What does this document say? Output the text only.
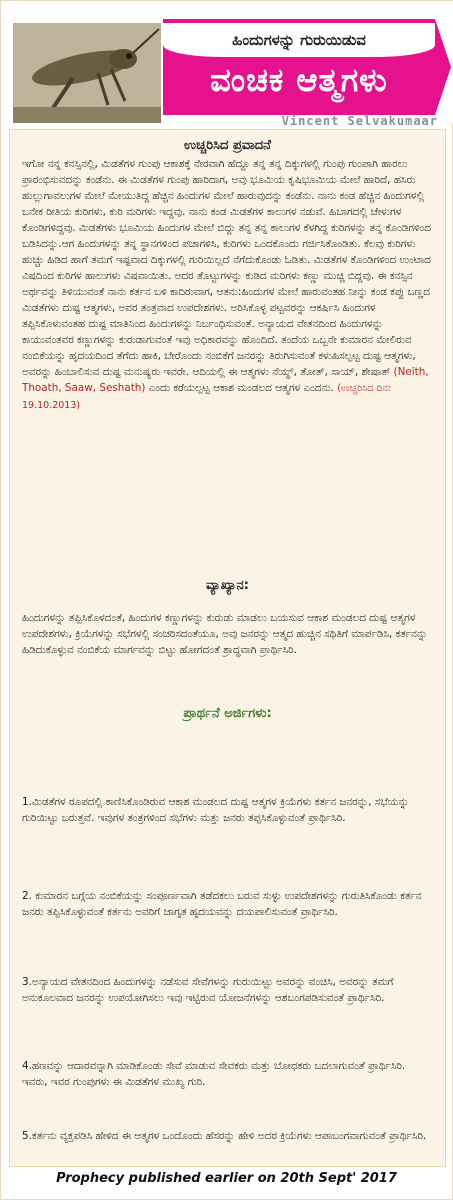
ಹಿಂದುಗಳನ್ನು ಗುರುಯಿಡುವ
ವಂಚಕ ಆತ್ಮಗಳು
Vincent Selvakumaar
ಉಚ್ಚರಿಸಿದ ಪ್ರವಾದನೆ
ಇಗೋ ನನ್ನ ಕನಸ್ಸಿನಲ್ಲಿ, ಮಿಡತೆಗಳ ಗುಂಪು ಆಕಾಶಕ್ಕೆ ನೇರವಾಗಿ ಹೆದ್ದೂ ತನ್ನ ತನ್ನ ದಿಕ್ಕುಗಳಲ್ಲಿ ಗುಂಪು ಗುಂಪಾಗಿ ಹಾರಲು ಪ್ರಾರಂಭಿಸುವದನ್ನು ಕಂಡೆನು. ಈ ಮಿಡತೆಗಳ ಗುಂಪು ಹಾರಿದಾಗ, ಅವು ಭೂಮಿಯ ಕೃಷಿಭೂಮಿಯ ಮೇಲೆ ಹಾರಿದೆ, ಹಸಿರು ಹುಲ್ಲುಗಾವಲುಗಳ ಮೇಲೆ ಮೇಯುತಿದ್ದ ಹೆಚ್ಚಿನ ಹಿಂದುಗಳ ಮೇಲೆ ಹಾರುವುದನ್ನು ಕಂಡೆನು. ನಾನು ಕಂಡ ಹೆಚ್ಚಿನ ಹಿಂದುಗಳಲ್ಲಿ ಬನೇಕ ರೀತಿಯ ಕುರಿಗಳು, ಕುರಿ ಮರಿಗಳು ಇದ್ದವು. ನಾನು ಕಂಡ ಮಿಡತೆಗಳ ಕಾಲುಗಳ ನಡುವೆ. ಹಿಬಾಗದಲ್ಲಿ ಚೇಳುಗಳ ಕೊಂಡಿಗಳಿದ್ದವು. ಮಿಡತೆಗಳು ಭೂಮಿಯ ಹಿಂದುಗಳ ಮೇಲೆ ಬಿದ್ದು ತನ್ನ ತನ್ನ ಕಾಲುಗಳ ಕೆಳಗಿದ್ದ ಕುರಿಗಳನ್ನು ತನ್ನ ಕೊಂಡಿಗಳಿಂದ ಬಡಿಸಿದನ್ನು.ಆಗ ಹಿಂದುಗಳನ್ನು ತನ್ನ ಸ್ಥಾನಗಳಿಂದ ಪಚಾಗಳಿಸಿ, ಕುರಿಗಳು ಒಂದಕೊಂದು ಗರ್ಜಿಸಿಕೊಂಡಿತು. ಕೆಲವು ಕುರಿಗಳು ಹುಚ್ಚು ಹಿಡಿದ ಹಾಗೆ ತಮಗೆ ಇಷ್ಟವಾದ ದಿಕ್ಕುಗಳಲ್ಲಿ ಗುರಿಯಿಲ್ಲದೆ ನೆಗೆದುಕೊಂಡು ಓಡಿತು. ಮಿಡತೆಗಳ ಕೊಂಡಿಗಳಿಂದ ಉಂಟಾದ ವಿಷದಿಂದ ಕುರಿಗಳ ಹಾಲುಗಳು ವಿಷವಾಯಿತು. ಅದರ ತೊಟ್ಟುಗಳನ್ನು ಕುಡಿದ ಮರಿಗಳು ಕಣ್ಣು ಮುಚ್ಚಿ ಬಿದ್ದವು. ಈ ಕನಸ್ಸಿನ ಅರ್ಥವನ್ನು ತಿಳಿಯುವಂತೆ ನಾನು ಕರ್ತನ ಬಳಿ ಕಾದಿರುವಾಗ, ಆತನು:ಹಿಂದುಗಳ ಮೇಲೆ ಹಾರುವಂತಹ ನೀನ್ನು ಕಂಡ ಕಪ್ಪು ಬಣ್ಣದ ಮಿಡತೆಗಳು ದುಷ್ಟ ಆತ್ಮಗಳು, ಅವರ ತಂತ್ರವಾದ ಉಪದೇಶಗಳು. ಅರಿಸಿಕೊಳ್ಳ ಪಟ್ಟವರನ್ನು ಆಕರ್ಷಿಸಿ ಹಿಂದುಗಳ ತಪ್ಪಿಸಿಕೊಳುವಂತಹ ದುಷ್ಟ ಮಾತಿನಿಂದ ಹಿಂದುಗಳನ್ನು ನಿರ್ಬಂಧಿಸುವಂತೆ. ಅನ್ಯಾಯದ ವೇತನದಿಂದ ಹಿಂದುಗಳನ್ನು ಕಾಯುವಂತವರ ಕಣ್ಣುಗಳನ್ನು ಕುರುಡಾಗುವಂತೆ ಇವು ಅಧಿಕಾರವನ್ನು ಹೊಂದಿದೆ. ತಂದೆಯ ಒಬ್ಬನೇ ಕುಮಾರನ ಮೇಲಿರುವ ನಂಬಿಕೆಯನ್ನು ಹೃದಯದಿಂದ ತೆಗೆದು ಹಾಕಿ, ಬೇರೊಂದು ನಂಬಿಕೆಗೆ ಜನರನ್ನು ತಿರುಗಿಸುವಂತೆ ಕಳುಹಿಸಲ್ಪಟ್ಟ ದುಷ್ಟ ಆತ್ಮಗಳು, ಅವರನ್ನು ಹಿಂಬಾಲಿಸುವ ದುಷ್ಟ ಮನುಷ್ಯರು ಇವರೇ. ಆದಿಯಲ್ಲಿ ಈ ಆತ್ಮಗಳು ನೆಯ್ಥ್, ತೋತ್, ಸಾಯ್, ಶೇಷಾತ್ (Neith, Thoath, Saaw, Seshath) ಎಂದು ಕರೆಯಲ್ಪಟ್ಟ ಆಕಾಶ ಮಂಡಲದ ಆತ್ಮಗಳ ಎಂದನು. (ಉಚ್ಚರಿಸಿದ ದಿನ: 19.10.2013)
ವ್ಯಾಖ್ಯಾನ:
ಹಿಂದುಗಳನ್ನು ತಪ್ಪಿಸಿಕೊಳದಂತೆ, ಹಿಂದುಗಳ ಕಣ್ಣುಗಳನ್ನು ಕುರುಡು ಮಾಡಲು ಬಯಸುವ ಆಕಾಶ ಮಂಡಲದ ದುಷ್ಟ ಆತ್ಮಗಳ ಉಪದೇಶಗಳು, ಕ್ರಿಯೆಗಳನ್ನು ಸಭೆಗಳಲ್ಲಿ ಸಂಚರಿಸದಂತೆಯೂ, ಅವು ಜನರನ್ನು ಆತ್ಮದ ಹುಚ್ಚಿನ ಸಥಿತಿಗೆ ಮಾರ್ಪಡಿಸಿ, ಕರ್ತನನ್ನು ಹಿಡಿದುಕೊಳ್ಳುವ ನಂಬಿಕೆಯ ಮಾರ್ಗವನ್ನು ಬಿಟ್ಟು ಹೋಗದಂತೆ ಶ್ರಾದ್ಧವಾಗಿ ಪ್ರಾರ್ಥಿಸಿರಿ.
ಪ್ರಾರ್ಥನೆ ಅರ್ಜಿಗಳು:
1.ಮಿಡತೆಗಳ ರೂಪದಲ್ಲಿ ಕಾಣಿಸಿಕೊಂಡಿರುವ ಆಕಾಶ ಮಂಡಲದ ದುಷ್ಟ ಆತ್ಮಗಳ ಕ್ರಿಯೆಗಳು ಕರ್ತನ ಜನರನ್ನು, ಸಭೆಯನ್ನು ಗುರಿಯಿಟ್ಟು ಬರುತ್ತವೆ. ಇವುಗಳ ತಂತ್ರಗಳಿಂದ ಸಭೆಗಳು ಮತ್ತು ಜನರು ತಪ್ಪಸಿಕೊಳ್ಳುವಂತೆ ಪ್ರಾರ್ಥಿಸಿರಿ.
2. ಕುಮಾರನ ಬಗ್ಗೆಯ ನಂಬಿಕೆಯನ್ನು ಸಂಪೂರ್ಣವಾಗಿ ತಡೆದಕಲು ಬರುವ ಸುಳ್ಳು ಉಪದೇಶಗಳನ್ನು ಗುರುತಿಸಿಕೊಂಡು ಕರ್ತನ ಜನರು ತಪ್ಪಿಸಿಕೊಳ್ಳುವಂತೆ ಕರ್ತನು ಅವರಿಗೆ ಜಾಗೃತ ಹೃದಯವನ್ನು ದಯಪಾಲಿಸುವಂತೆ ಪ್ರಾರ್ಥಿಸಿರಿ.
3.ಅನ್ಯಾಯದ ವೇತನದಿಂದ ಹಿಂದುಗಳನ್ನು ನಡೆಸುವ ಸೇವೆಗಳನ್ನು ಗುರುಯಿಟ್ಟು ಅವರನ್ನು ವಂಚಿಸಿ, ಅವರನ್ನು ತಮಗೆ ಅನುಕೂಲವಾದ ಜನರನ್ನು ಉಪಯೋಗಿಸಲು ಇವು ಇಟ್ಟಿರುವ ಯೋಜನೆಗಳನ್ನು ಆಶಬಂಗಪಡಿಸುವಂತೆ ಪ್ರಾರ್ಥಿಸಿರಿ.
4.ಹಣವನ್ನು ಆದಾರವನ್ನಾಗಿ ಮಾಡಿಕೊಂಡು ಸೇವೆ ಮಾಡುವ ಸೇವಕರು ಮತ್ತು ಬೋಧಕರು ಬದಲಾಗುವಂತೆ ಪ್ರಾರ್ಥಿಸಿರಿ. ಇವರು, ಇವರ ಗುಂಪುಗಳು ಈ ಮಿಡತೆಗಳ ಮುಖ್ಯ ಗುರಿ.
5.ಕರ್ತನು ವ್ಯಕ್ತಪಡಿಸಿ ಹೇಳಿದ ಈ ಆತ್ಮಗಳ ಒಂದೊಂದು ಹೆಸರನ್ನು ಹೇಳಿ ಅದರ ಕ್ರಿಯೆಗಳು ಆಪಾಬಂಗವಾಗುವಂತೆ ಪ್ರಾರ್ಥಿಸಿರಿ.
Prophecy published earlier on 20th Sept' 2017
